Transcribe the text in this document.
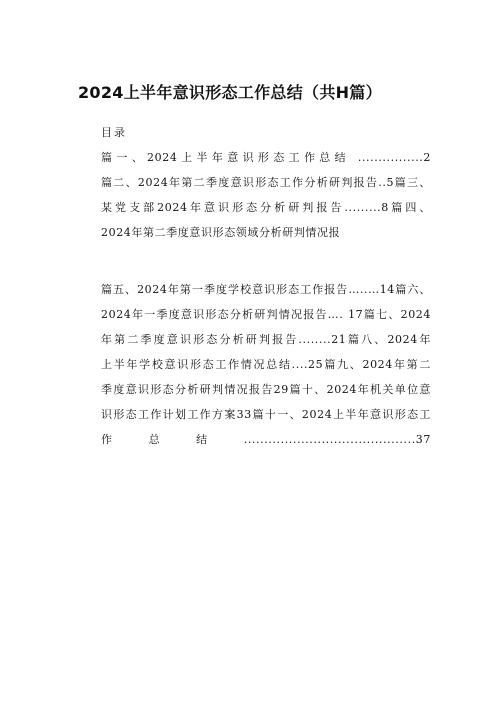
2024上半年意识形态工作总结（共H篇）
目录
篇一、2024上半年意识形态工作总结 ................2
篇二、2024年第二季度意识形态工作分析研判报告..5篇三、
某党支部2024年意识形态分析研判报告.........8篇四、
2024年第二季度意识形态领域分析研判情况报
篇五、2024年第一季度学校意识形态工作报告…..…14篇六、
2024年一季度意识形态分析研判情况报告…. 17篇七、2024
年第二季度意识形态分析研判报告........21篇八、2024年
上半年学校意识形态工作情况总结....25篇九、2024年第二
季度意识形态分析研判情况报告29篇十、2024年机关单位意
识形态工作计划工作方案33篇十一、2024上半年意识形态工
作总结..........................................37
